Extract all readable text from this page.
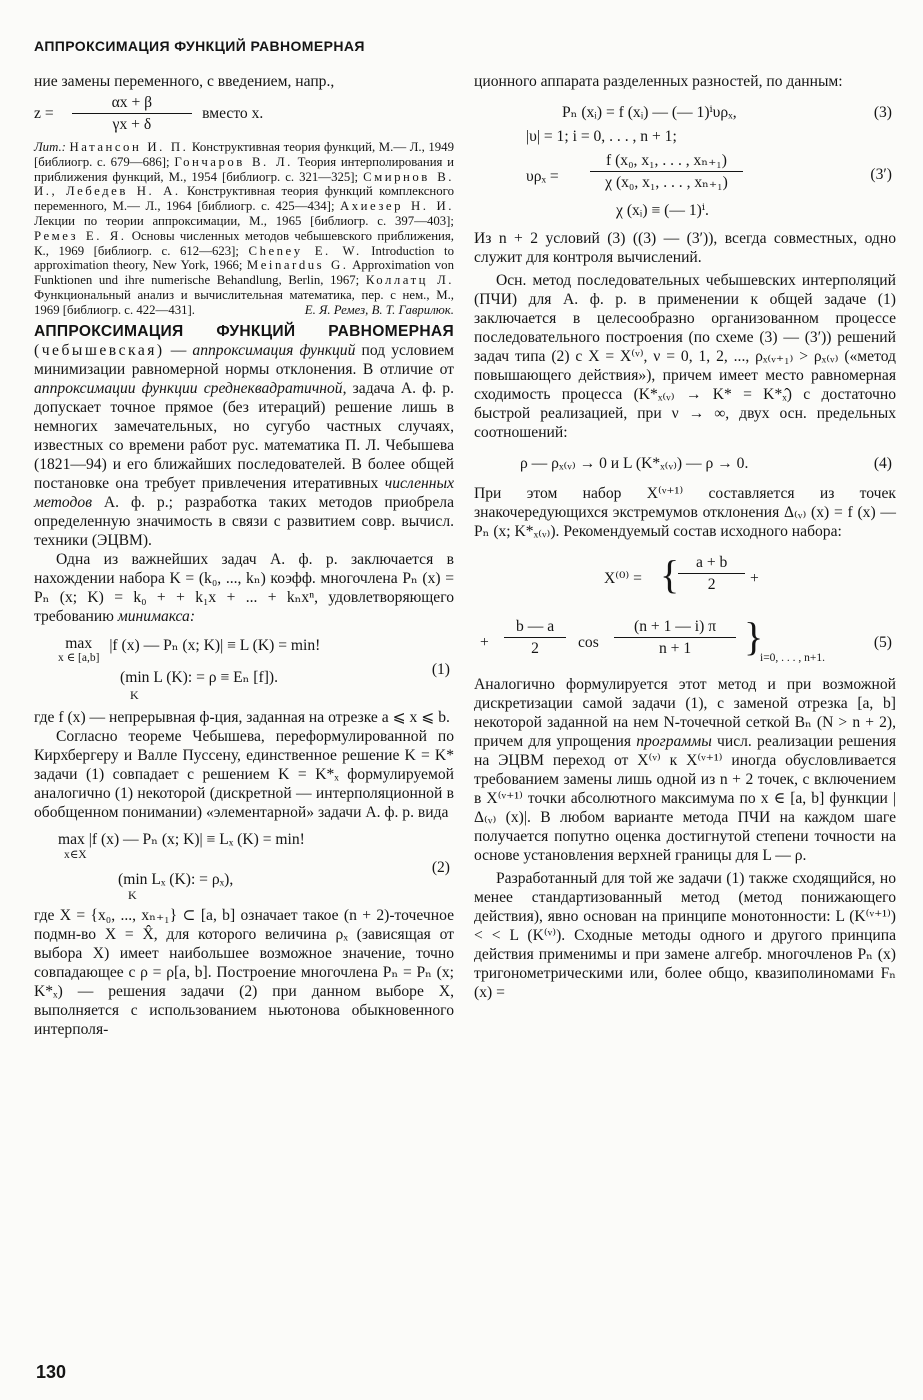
АППРОКСИМАЦИЯ ФУНКЦИЙ РАВНОМЕРНАЯ

ние замены переменного, с введением, напр.,

$z = \frac{\alpha x + \beta}{\gamma x + \delta}$ вместо x.

Лит.: Натансон И. П. Конструктивная теория функций, М.— Л., 1949 [библиогр. с. 679—686]; Гончаров В. Л. Теория интерполирования и приближения функций, М., 1954 [библиогр. с. 321—325]; Смирнов В. И., Лебедев Н. А. Конструктивная теория функций комплексного переменного, М.— Л., 1964 [библиогр. с. 425—434]; Ахиезер Н. И. Лекции по теории аппроксимации, М., 1965 [библиогр. с. 397—403]; Ремез Е. Я. Основы численных методов чебышевского приближения, К., 1969 [библиогр. с. 612—623]; Cheney E. W. Introduction to approximation theory, New York, 1966; Meinardus G. Approximation von Funktionen und ihre numerische Behandlung, Berlin, 1967; Коллатц Л. Функциональный анализ и вычислительная математика, пер. с нем., М., 1969 [библиогр. с. 422—431].	Е. Я. Ремез, В. Т. Гаврилюк.

АППРОКСИМАЦИЯ ФУНКЦИЙ РАВНОМЕРНАЯ (чебышевская) — аппроксимация функций под условием минимизации равномерной нормы отклонения. В отличие от аппроксимации функции среднеквадратичной, задача А. ф. р. допускает точное прямое (без итераций) решение лишь в немногих замечательных, но сугубо частных случаях, известных со времени работ рус. математика П. Л. Чебышева (1821—94) и его ближайших последователей. В более общей постановке она требует привлечения итеративных численных методов А. ф. р.; разработка таких методов приобрела определенную значимость в связи с развитием совр. вычисл. техники (ЭЦВМ).

Одна из важнейших задач А. ф. р. заключается в нахождении набора K = (k₀, ..., kₙ) коэфф. многочлена Pₙ (x) = Pₙ (x; K) = k₀ + + k₁x + ... + kₙxⁿ, удовлетворяющего требованию минимакса:

max
x ∈ [a,b]
|f (x) — Pₙ (x; K)| ≡ L (K) = min!
(min L (K): = ρ ≡ Eₙ [f]).
K
(1)

где f (x) — непрерывная ф-ция, заданная на отрезке a ⩽ x ⩽ b.

Согласно теореме Чебышева, переформулированной по Кирхбергеру и Валле Пуссену, единственное решение K = K* задачи (1) совпадает с решением K = K*ₓ формулируемой аналогично (1) некоторой (дискретной — интерполяционной в обобщенном понимании) «элементарной» задачи А. ф. р. вида

max |f (x) — Pₙ (x; K)| ≡ Lₓ (K) = min!
x∈X
(min Lₓ (K): = ρₓ),
K
(2)

где X = {x₀, ..., xₙ₊₁} ⊂ [a, b] означает такое (n + 2)-точечное подмн-во X = X̂, для которого величина ρₓ (зависящая от выбора X) имеет наибольшее возможное значение, точно совпадающее с ρ = ρ[a, b]. Построение многочлена Pₙ = Pₙ (x; K*ₓ) — решения задачи (2) при данном выборе X, выполняется с использованием ньютонова обыкновенного интерполя-

ционного аппарата разделенных разностей, по данным:

Pₙ (xᵢ) = f (xᵢ) — (— 1)ⁱυρₓ,	(3)
|υ| = 1; i = 0, . . . , n + 1;
$\upsilon\rho_x = \frac{\text{f (x₀, x₁, . . . , xₙ₊₁)}}{\text{χ (x₀, x₁, . . . , xₙ₊₁)}}$	(3′)
χ (xᵢ) ≡ (— 1)ⁱ.

Из n + 2 условий (3) ((3) — (3′)), всегда совместных, одно служит для контроля вычислений.

Осн. метод последовательных чебышевских интерполяций (ПЧИ) для А. ф. р. в применении к общей задаче (1) заключается в целесообразно организованном процессе последовательного построения (по схеме (3) — (3′)) решений задач типа (2) с X = X⁽ᵛ⁾, ν = 0, 1, 2, ..., ρₓ₍ᵥ₊₁₎ > ρₓ₍ᵥ₎ («метод повышающего действия»), причем имеет место равномерная сходимость процесса (K*ₓ₍ᵥ₎ → K* = K*ₓ̂) с достаточно быстрой реализацией, при ν → ∞, двух осн. предельных соотношений:

ρ — ρₓ₍ᵥ₎ → 0 и L (K*ₓ₍ᵥ₎) — ρ → 0.	(4)

При этом набор X⁽ᵛ⁺¹⁾ составляется из точек знакочередующихся экстремумов отклонения Δ₍ᵥ₎ (x) = f (x) — Pₙ (x; K*ₓ₍ᵥ₎). Рекомендуемый состав исходного набора:

X⁽⁰⁾ = {
$\frac{a + b}{2}$ +
+ $\frac{b — a}{2}$ $\cos \frac{(n + 1 — i) \pi}{n + 1}$ }
i=0, . . . , n+1.
(5)

Аналогично формулируется этот метод и при возможной дискретизации самой задачи (1), с заменой отрезка [a, b] некоторой заданной на нем N-точечной сеткой Bₙ (N > n + 2), причем для упрощения программы числ. реализации решения на ЭЦВМ переход от X⁽ᵛ⁾ к X⁽ᵛ⁺¹⁾ иногда обусловливается требованием замены лишь одной из n + 2 точек, с включением в X⁽ᵛ⁺¹⁾ точки абсолютного максимума по x ∈ [a, b] функции |Δ₍ᵥ₎ (x)|. В любом варианте метода ПЧИ на каждом шаге получается попутно оценка достигнутой степени точности на основе установления верхней границы для L — ρ.

Разработанный для той же задачи (1) также сходящийся, но менее стандартизованный метод (метод понижающего действия), явно основан на принципе монотонности: L (K⁽ᵛ⁺¹⁾) < < L (K⁽ᵛ⁾). Сходные методы одного и другого принципа действия применимы и при замене алгебр. многочленов Pₙ (x) тригонометрическими или, более общо, квазиполиномами Fₙ (x) =

130
